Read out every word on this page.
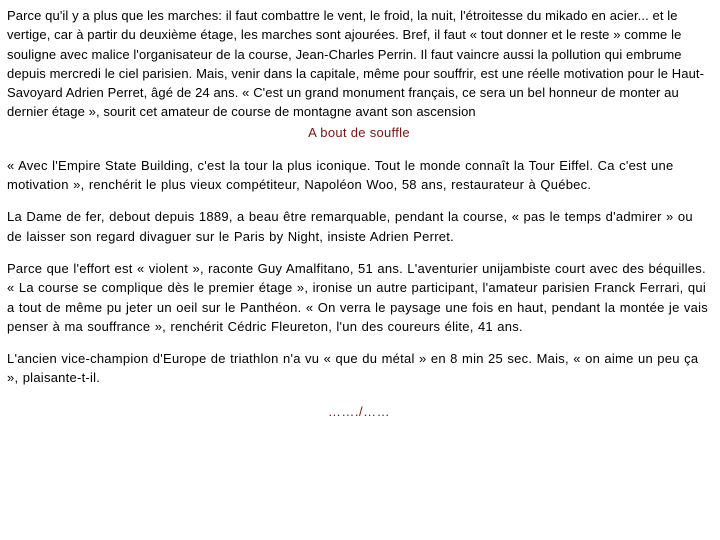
Parce qu'il y a plus que les marches: il faut combattre le vent, le froid, la nuit, l'étroitesse du mikado en acier... et le vertige, car à partir du deuxième étage, les marches sont ajourées. Bref, il faut « tout donner et le reste » comme le souligne avec malice l'organisateur de la course, Jean-Charles Perrin. Il faut vaincre aussi la pollution qui embrume depuis mercredi le ciel parisien. Mais, venir dans la capitale, même pour souffrir, est une réelle motivation pour le Haut-Savoyard Adrien Perret, âgé de 24 ans. « C'est un grand monument français, ce sera un bel honneur de monter au dernier étage », sourit cet amateur de course de montagne avant son ascension

A bout de souffle

« Avec l'Empire State Building, c'est la tour la plus iconique. Tout le monde connaît la Tour Eiffel. Ca c'est une motivation », renchérit le plus vieux compétiteur, Napoléon Woo, 58 ans, restaurateur à Québec.

La Dame de fer, debout depuis 1889, a beau être remarquable, pendant la course, « pas le temps d'admirer » ou de laisser son regard divaguer sur le Paris by Night, insiste Adrien Perret.

Parce que l'effort est « violent », raconte Guy Amalfitano, 51 ans. L'aventurier unijambiste court avec des béquilles. « La course se complique dès le premier étage », ironise un autre participant, l'amateur parisien Franck Ferrari, qui a tout de même pu jeter un oeil sur le Panthéon. « On verra le paysage une fois en haut, pendant la montée je vais penser à ma souffrance », renchérit Cédric Fleureton, l'un des coureurs élite, 41 ans.

L'ancien vice-champion d'Europe de triathlon n'a vu « que du métal » en 8 min 25 sec. Mais, « on aime un peu ça », plaisante-t-il.

……./……
